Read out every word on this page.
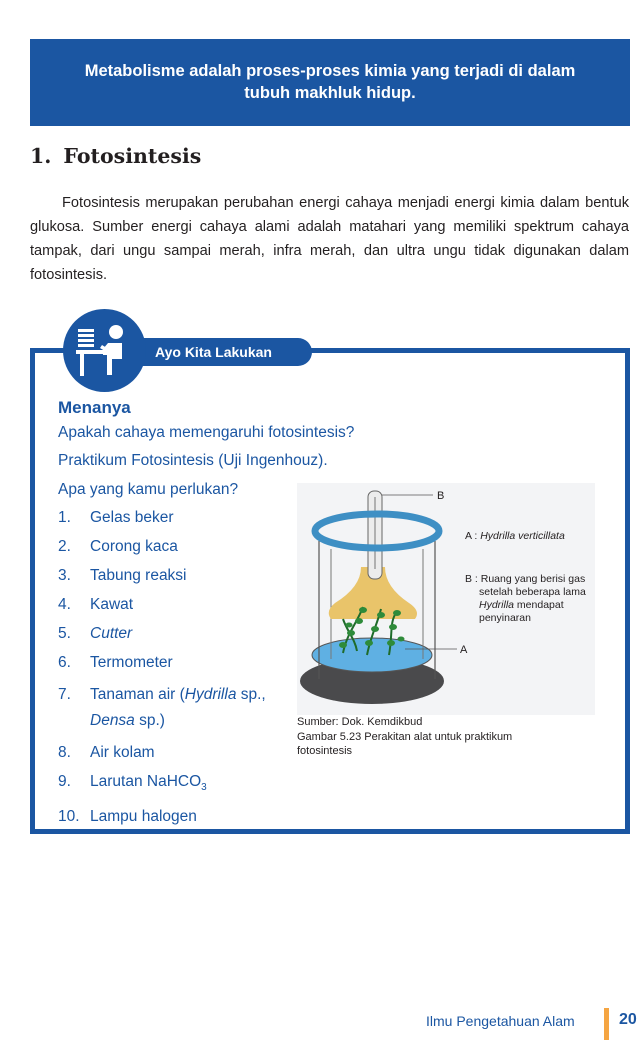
Metabolisme adalah proses-proses kimia yang terjadi di dalam tubuh makhluk hidup.
1. Fotosintesis

Fotosintesis merupakan perubahan energi cahaya menjadi energi kimia dalam bentuk glukosa. Sumber energi cahaya alami adalah matahari yang memiliki spektrum cahaya tampak, dari ungu sampai merah, infra merah, dan ultra ungu tidak digunakan dalam fotosintesis.

Ayo Kita Lakukan
Menanya
Apakah cahaya memengaruhi fotosintesis?
Praktikum Fotosintesis (Uji Ingenhouz).
Apa yang kamu perlukan?
1. Gelas beker
2. Corong kaca
3. Tabung reaksi
4. Kawat
5. Cutter
6. Termometer
7. Tanaman air (Hydrilla sp.,
Densa sp.)
8. Air kolam
9. Larutan NaHCO$_3$
10. Lampu halogen
B
A
A : Hydrilla verticillata
B : Ruang yang berisi gas
setelah beberapa lama
Hydrilla mendapat
penyinaran
Sumber: Dok. Kemdikbud
Gambar 5.23 Perakitan alat untuk praktikum fotosintesis
Ilmu Pengetahuan Alam	20
